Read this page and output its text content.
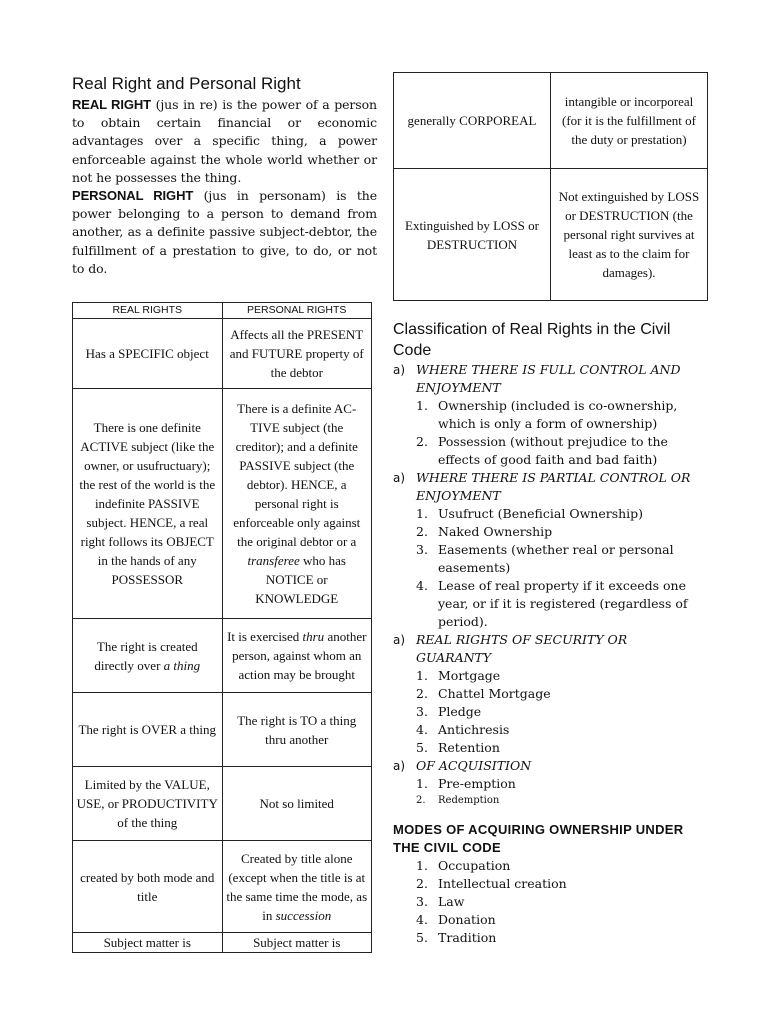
Real Right and Personal Right

REAL RIGHT (jus in re) is the power of a person to obtain certain financial or economic advantages over a specific thing, a power enforceable against the whole world whether or not he possesses the thing.

PERSONAL RIGHT (jus in personam) is the power belonging to a person to demand from another, as a definite passive subject-debtor, the fulfillment of a prestation to give, to do, or not to do.

REAL RIGHTS	PERSONAL RIGHTS
Has a SPECIFIC object	Affects all the PRESENT and FUTURE property of the debtor
There is one definite ACTIVE subject (like the owner, or usufructuary); the rest of the world is the indefinite PASSIVE subject. HENCE, a real right follows its OBJECT in the hands of any POSSESSOR	There is a definite AC-TIVE subject (the creditor); and a definite PASSIVE subject (the debtor). HENCE, a personal right is enforceable only against the original debtor or a transferee who has NOTICE or KNOWLEDGE
The right is created directly over a thing	It is exercised thru another person, against whom an action may be brought
The right is OVER a thing	The right is TO a thing thru another
Limited by the VALUE, USE, or PRODUCTIVITY of the thing	Not so limited
created by both mode and title	Created by title alone (except when the title is at the same time the mode, as in succession
Subject matter is	Subject matter is
generally CORPOREAL	intangible or incorporeal (for it is the fulfillment of the duty or prestation)
Extinguished by LOSS or DESTRUCTION	Not extinguished by LOSS or DESTRUCTION (the personal right survives at least as to the claim for damages).
Classification of Real Rights in the Civil Code
a) WHERE THERE IS FULL CONTROL AND ENJOYMENT
1. Ownership (included is co-ownership, which is only a form of ownership)
2. Possession (without prejudice to the effects of good faith and bad faith)
a) WHERE THERE IS PARTIAL CONTROL OR ENJOYMENT
1. Usufruct (Beneficial Ownership)
2. Naked Ownership
3. Easements (whether real or personal easements)
4. Lease of real property if it exceeds one year, or if it is registered (regardless of period).
a) REAL RIGHTS OF SECURITY OR GUARANTY
1. Mortgage
2. Chattel Mortgage
3. Pledge
4. Antichresis
5. Retention
a) OF ACQUISITION
1. Pre-emption
2.	Redemption
MODES OF ACQUIRING OWNERSHIP UNDER THE CIVIL CODE
1. Occupation
2. Intellectual creation
3. Law
4. Donation
5. Tradition
